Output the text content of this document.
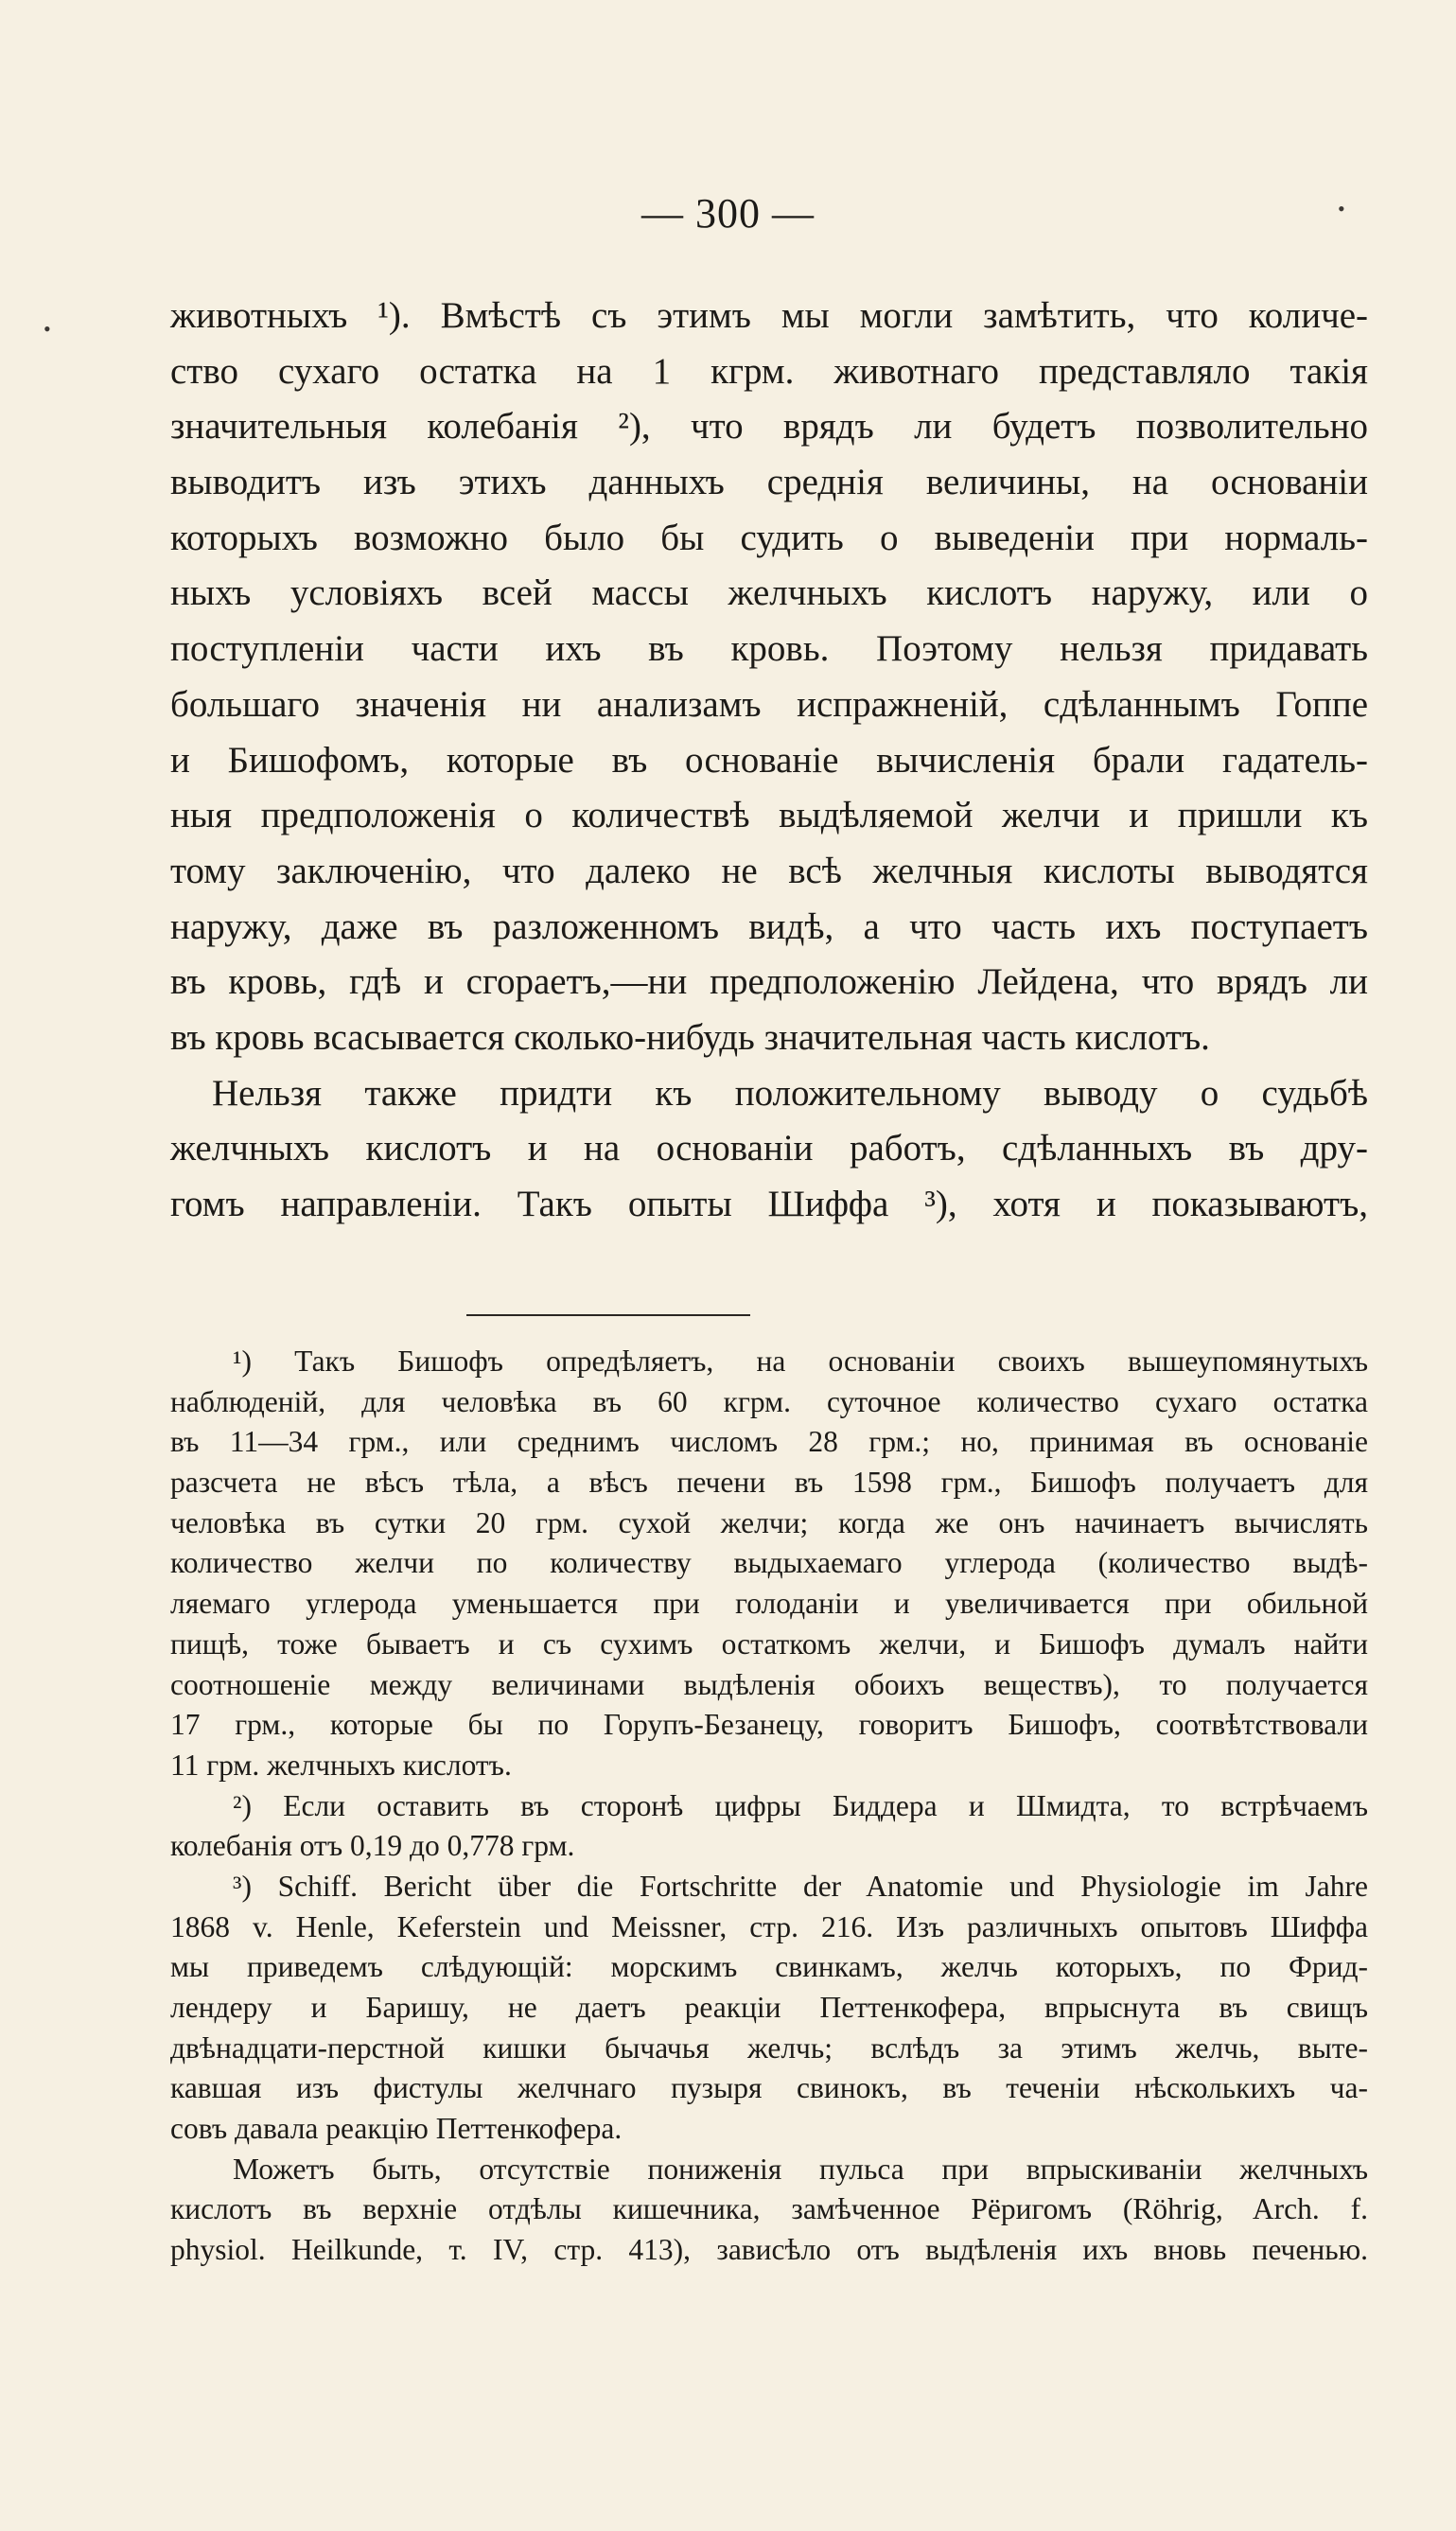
— 300 —	•
•	животныхъ ¹). Вмѣстѣ съ этимъ мы могли замѣтить, что количе-
ство сухаго остатка на 1 кгрм. животнаго представляло такія
значительныя колебанія ²), что врядъ ли будетъ позволительно
выводитъ изъ этихъ данныхъ среднія величины, на основаніи
которыхъ возможно было бы судить о выведеніи при нормаль-
ныхъ условіяхъ всей массы желчныхъ кислотъ наружу, или о
поступленіи части ихъ въ кровь. Поэтому нельзя придавать
большаго значенія ни анализамъ испражненій, сдѣланнымъ Гоппе
и Бишофомъ, которые въ основаніе вычисленія брали гадатель-
ныя предположенія о количествѣ выдѣляемой желчи и пришли къ
тому заключенію, что далеко не всѣ желчныя кислоты выводятся
наружу, даже въ разложенномъ видѣ, а что часть ихъ поступаетъ
въ кровь, гдѣ и сгораетъ,—ни предположенію Лейдена, что врядъ ли
въ кровь всасывается сколько-нибудь значительная часть кислотъ.
Нельзя также придти къ положительному выводу о судьбѣ
желчныхъ кислотъ и на основаніи работъ, сдѣланныхъ въ дру-
гомъ направленіи. Такъ опыты Шиффа ³), хотя и показываютъ,
¹) Такъ Бишофъ опредѣляетъ, на основаніи своихъ вышеупомянутыхъ
наблюденій, для человѣка въ 60 кгрм. суточное количество сухаго остатка
въ 11—34 грм., или среднимъ числомъ 28 грм.; но, принимая въ основаніе
разсчета не вѣсъ тѣла, а вѣсъ печени въ 1598 грм., Бишофъ получаетъ для
человѣка въ сутки 20 грм. сухой желчи; когда же онъ начинаетъ вычислять
количество желчи по количеству выдыхаемаго углерода (количество выдѣ-
ляемаго углерода уменьшается при голоданіи и увеличивается при обильной
пищѣ, тоже бываетъ и съ сухимъ остаткомъ желчи, и Бишофъ думалъ найти
соотношеніе между величинами выдѣленія обоихъ веществъ), то получается
17 грм., которые бы по Горупъ-Безанецу, говоритъ Бишофъ, соотвѣтствовали
11 грм. желчныхъ кислотъ.
²) Если оставить въ сторонѣ цифры Биддера и Шмидта, то встрѣчаемъ
колебанія отъ 0,19 до 0,778 грм.
³) Schiff. Bericht über die Fortschritte der Anatomie und Physiologie im Jahre
1868 v. Henle, Keferstein und Meissner, стр. 216. Изъ различныхъ опытовъ Шиффа
мы приведемъ слѣдующій: морскимъ свинкамъ, желчь которыхъ, по Фрид-
лендеру и Баришу, не даетъ реакціи Петтенкофера, впрыснута въ свищъ
двѣнадцати-перстной кишки бычачья желчь; вслѣдъ за этимъ желчь, выте-
кавшая изъ фистулы желчнаго пузыря свинокъ, въ теченіи нѣсколькихъ ча-
совъ давала реакцію Петтенкофера.
Можетъ быть, отсутствіе пониженія пульса при впрыскиваніи желчныхъ
кислотъ въ верхніе отдѣлы кишечника, замѣченное Рёригомъ (Röhrig, Arch. f.
physiol. Heilkunde, т. IV, стр. 413), зависѣло отъ выдѣленія ихъ вновь печенью.
